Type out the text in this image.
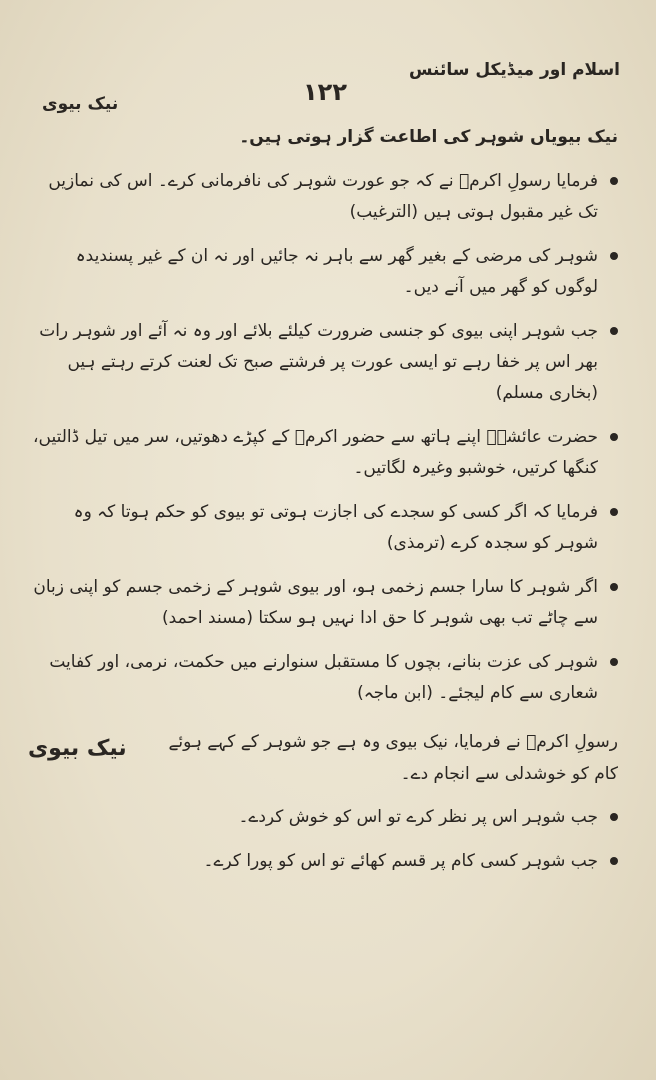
اسلام اور میڈیکل سائنس
۱۲۲
نیک بیوی

نیک بیویاں شوہر کی اطاعت گزار ہوتی ہیں۔

فرمایا رسولِ اکرمؐ نے کہ جو عورت شوہر کی نافرمانی کرے۔ اس کی نمازیں تک غیر مقبول ہوتی ہیں (الترغیب)
شوہر کی مرضی کے بغیر گھر سے باہر نہ جائیں اور نہ ان کے غیر پسندیدہ لوگوں کو گھر میں آنے دیں۔
جب شوہر اپنی بیوی کو جنسی ضرورت کیلئے بلائے اور وہ نہ آئے اور شوہر رات بھر اس پر خفا رہے تو ایسی عورت پر فرشتے صبح تک لعنت کرتے رہتے ہیں (بخاری مسلم)
حضرت عائشہؓ اپنے ہاتھ سے حضور اکرمؐ کے کپڑے دھوتیں، سر میں تیل ڈالتیں، کنگھا کرتیں، خوشبو وغیرہ لگاتیں۔
فرمایا کہ اگر کسی کو سجدے کی اجازت ہوتی تو بیوی کو حکم ہوتا کہ وہ شوہر کو سجدہ کرے (ترمذی)
اگر شوہر کا سارا جسم زخمی ہو، اور بیوی شوہر کے زخمی جسم کو اپنی زبان سے چاٹے تب بھی شوہر کا حق ادا نہیں ہو سکتا (مسند احمد)
شوہر کی عزت بنانے، بچوں کا مستقبل سنوارنے میں حکمت، نرمی، اور کفایت شعاری سے کام لیجئے۔ (ابن ماجہ)
نیک بیوی	رسولِ اکرمؐ نے فرمایا، نیک بیوی وہ ہے جو شوہر کے کہے ہوئے کام کو خوشدلی سے انجام دے۔

جب شوہر اس پر نظر کرے تو اس کو خوش کردے۔
جب شوہر کسی کام پر قسم کھائے تو اس کو پورا کرے۔
